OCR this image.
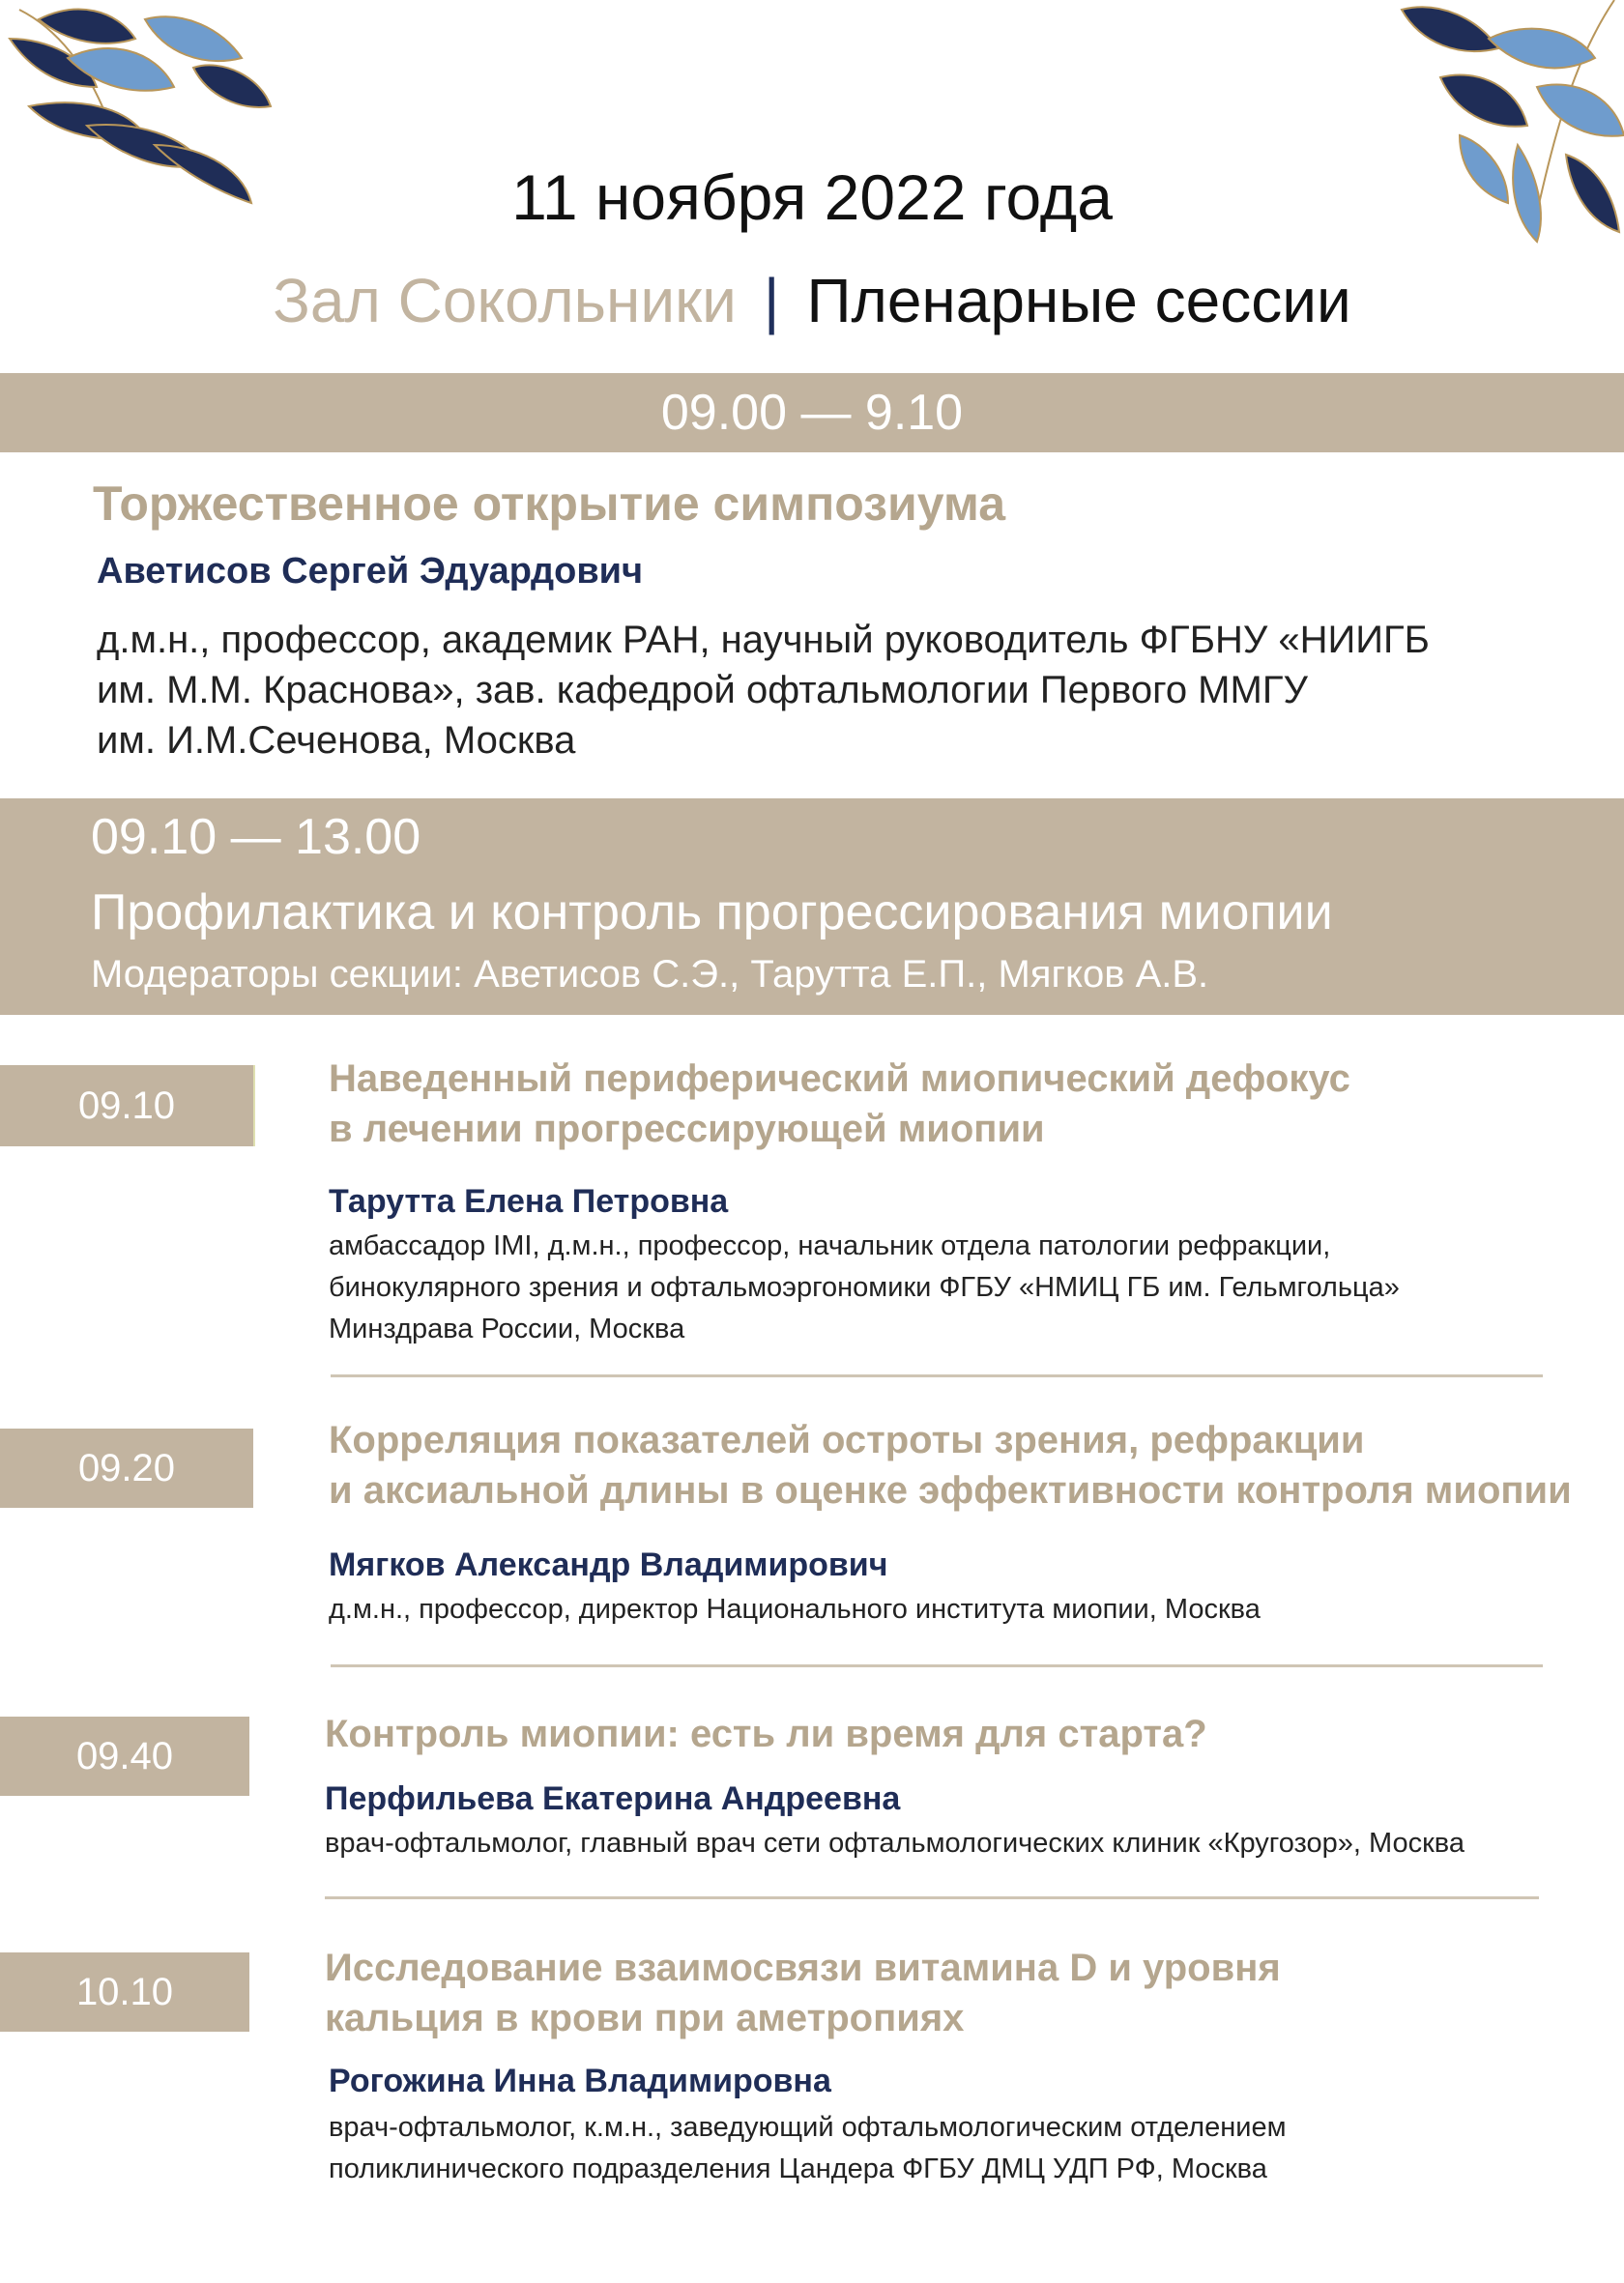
11 ноября 2022 года
Зал Сокольники | Пленарные сессии
09.00 — 9.10
Торжественное открытие симпозиума
Аветисов Сергей Эдуардович
д.м.н., профессор, академик РАН, научный руководитель ФГБНУ «НИИГБ
им. М.М. Краснова», зав. кафедрой офтальмологии Первого ММГУ
им. И.М.Сеченова, Москва
09.10 — 13.00
Профилактика и контроль прогрессирования миопии
Модераторы секции: Аветисов С.Э., Тарутта Е.П., Мягков А.В.
09.10
Наведенный периферический миопический дефокус
в лечении прогрессирующей миопии
Тарутта Елена Петровна
амбассадор IMI, д.м.н., профессор, начальник отдела патологии рефракции,
бинокулярного зрения и офтальмоэргономики ФГБУ «НМИЦ ГБ им. Гельмгольца»
Минздрава России, Москва
09.20
Корреляция показателей остроты зрения, рефракции
и аксиальной длины в оценке эффективности контроля миопии
Мягков Александр Владимирович
д.м.н., профессор, директор Национального института миопии, Москва
09.40
Контроль миопии: есть ли время для старта?
Перфильева Екатерина Андреевна
врач-офтальмолог, главный врач сети офтальмологических клиник «Кругозор», Москва
10.10
Исследование взаимосвязи витамина D и уровня
кальция в крови при аметропиях
Рогожина Инна Владимировна
врач-офтальмолог, к.м.н., заведующий офтальмологическим отделением
поликлинического подразделения Цандера ФГБУ ДМЦ УДП РФ, Москва
